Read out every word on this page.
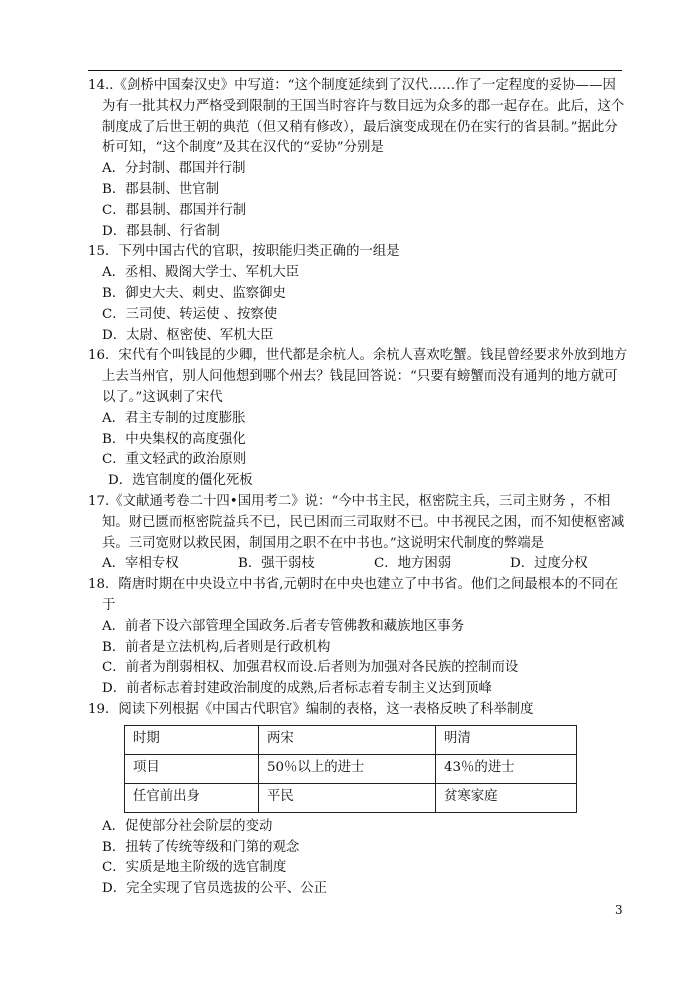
14..《剑桥中国秦汉史》中写道：“这个制度延续到了汉代……作了一定程度的妥协——因为有一批其权力严格受到限制的王国当时容许与数目远为众多的郡一起存在。此后，这个制度成了后世王朝的典范（但又稍有修改），最后演变成现在仍在实行的省县制。”据此分析可知，“这个制度”及其在汉代的“妥协”分别是

A．分封制、郡国并行制

B．郡县制、世官制

C．郡县制、郡国并行制

D．郡县制、行省制

15．下列中国古代的官职，按职能归类正确的一组是

A．丞相、殿阁大学士、军机大臣

B．御史大夫、刺史、监察御史

C．三司使、转运使 、按察使

D．太尉、枢密使、军机大臣

16．宋代有个叫钱昆的少卿，世代都是余杭人。余杭人喜欢吃蟹。钱昆曾经要求外放到地方上去当州官，别人问他想到哪个州去？钱昆回答说：“只要有螃蟹而没有通判的地方就可以了。”这讽刺了宋代

A．君主专制的过度膨胀

B．中央集权的高度强化

C．重文轻武的政治原则

D．选官制度的僵化死板

17.《文献通考卷二十四•国用考二》说：“今中书主民，枢密院主兵，三司主财务 ，不相知。财已匮而枢密院益兵不已，民已困而三司取财不已。中书视民之困，而不知使枢密减兵。三司宽财以救民困，制国用之职不在中书也。”这说明宋代制度的弊端是

A．宰相专权	B．强干弱枝	C．地方困弱	D．过度分权

18．隋唐时期在中央设立中书省,元朝时在中央也建立了中书省。他们之间最根本的不同在于

A．前者下设六部管理全国政务.后者专管佛教和藏族地区事务

B．前者是立法机构,后者则是行政机构

C．前者为削弱相权、加强君权而设.后者则为加强对各民族的控制而设

D．前者标志着封建政治制度的成熟,后者标志着专制主义达到顶峰

19．阅读下列根据《中国古代职官》编制的表格，这一表格反映了科举制度

时期	两宋	明清
项目	50％以上的进士	43％的进士
任官前出身	平民	贫寒家庭

A．促使部分社会阶层的变动

B．扭转了传统等级和门第的观念

C．实质是地主阶级的选官制度

D．完全实现了官员选拔的公平、公正

3
